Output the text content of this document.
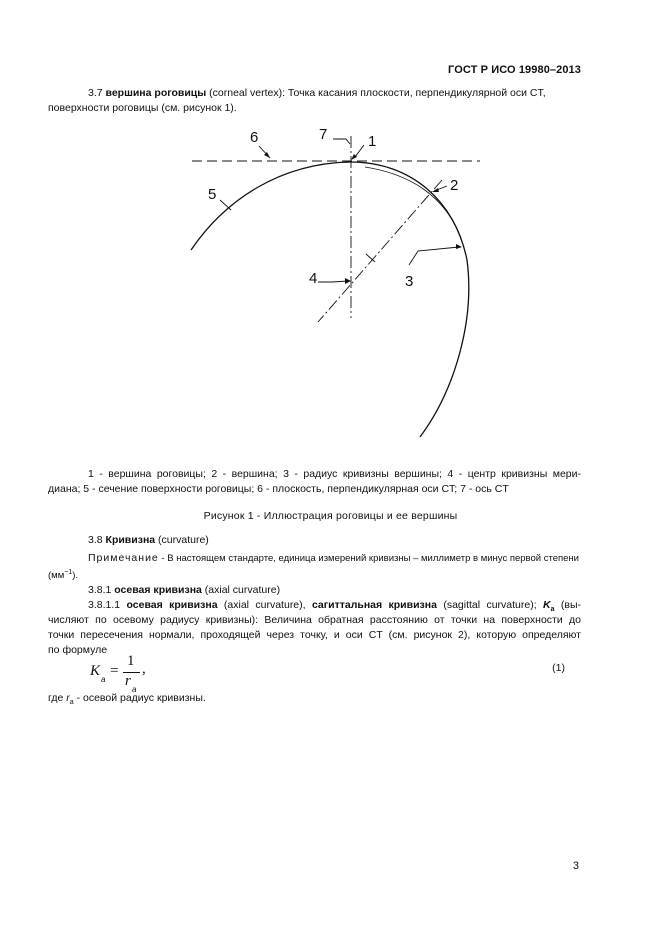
ГОСТ Р ИСО 19980–2013
3.7 вершина роговицы (corneal vertex): Точка касания плоскости, перпендикулярной оси CT,
поверхности роговицы (см. рисунок 1).
6	7	1
2
3
4
5
1 - вершина роговицы; 2 - вершина; 3 - радиус кривизны вершины; 4 - центр кривизны мери-
диана; 5 - сечение поверхности роговицы; 6 - плоскость, перпендикулярная оси CT; 7 - ось CT
Рисунок 1 - Иллюстрация роговицы и ее вершины
3.8 Кривизна (curvature)
Примечание - В настоящем стандарте, единица измерений кривизны – миллиметр в минус первой степени
$(мм^{-1})$.
3.8.1 осевая кривизна (axial curvature)
3.8.1.1 осевая кривизна (axial curvature), сагиттальная кривизна (sagittal curvature); $K_a$ (вы-
числяют по осевому радиусу кривизны): Величина обратная расстоянию от точки на поверхности до
точки пересечения нормали, проходящей через точку, и оси CT (см. рисунок 2), которую определяют
по формуле
K
a
=
1
r
a
,	(1)
где $r_a$ - осевой радиус кривизны.
3
